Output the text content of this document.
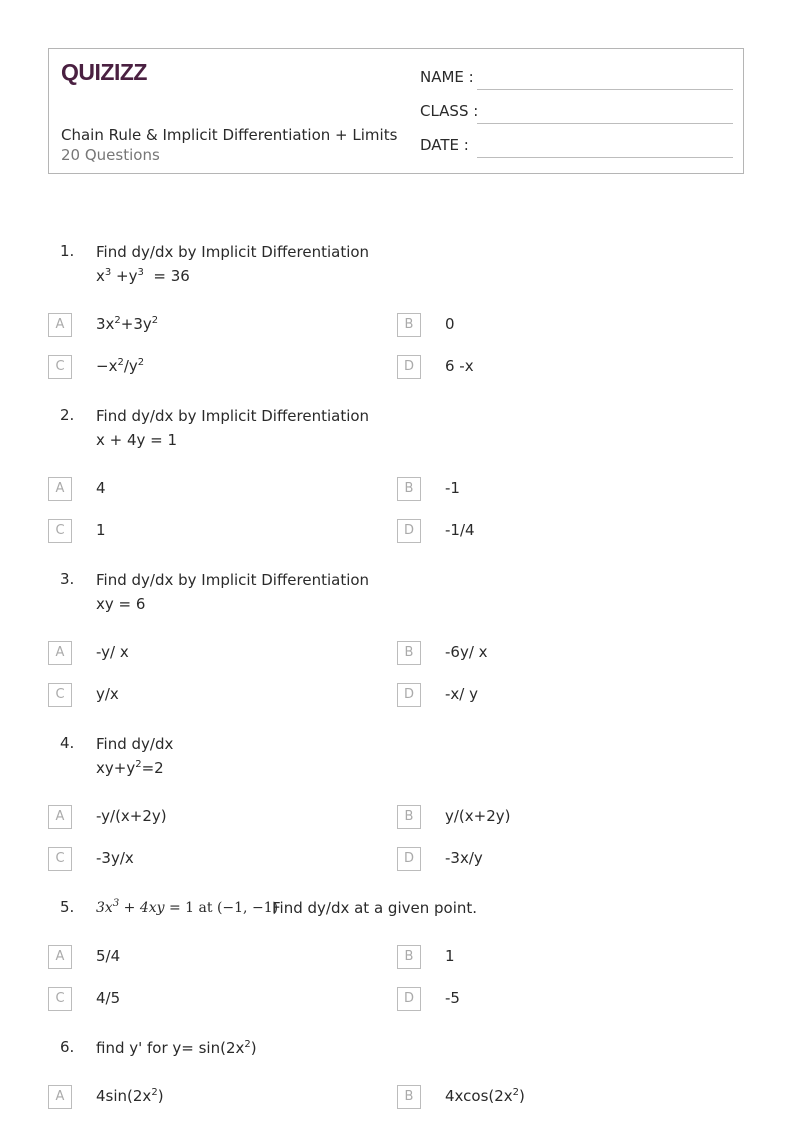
QUIZIZZ
Chain Rule & Implicit Differentiation + Limits
20 Questions
NAME :
CLASS :
DATE :
1. Find dy/dx by Implicit Differentiation
$x^3 +y^3 = 36$
A	$3x^2+3y^2$	B	0
C	$-x^2/y^2$	D	6 -x
2. Find dy/dx by Implicit Differentiation
x + 4y = 1
A	4	B	-1
C	1	D	-1/4
3. Find dy/dx by Implicit Differentiation
xy = 6
A	-y/ x	B	-6y/ x
C	y/x	D	-x/ y
4. Find dy/dx
$xy+y^2=2$
A	-y/(x+2y)	B	y/(x+2y)
C	-3y/x	D	-3x/y
5. $3x^3 + 4xy = 1$ at (−1, −1)
Find dy/dx at a given point.
A	5/4	B	1
C	4/5	D	-5
6. find y' for $y= \sin(2x^2)$
A	$4\sin(2x^2)$	B	$4xcos(2x^2)$
